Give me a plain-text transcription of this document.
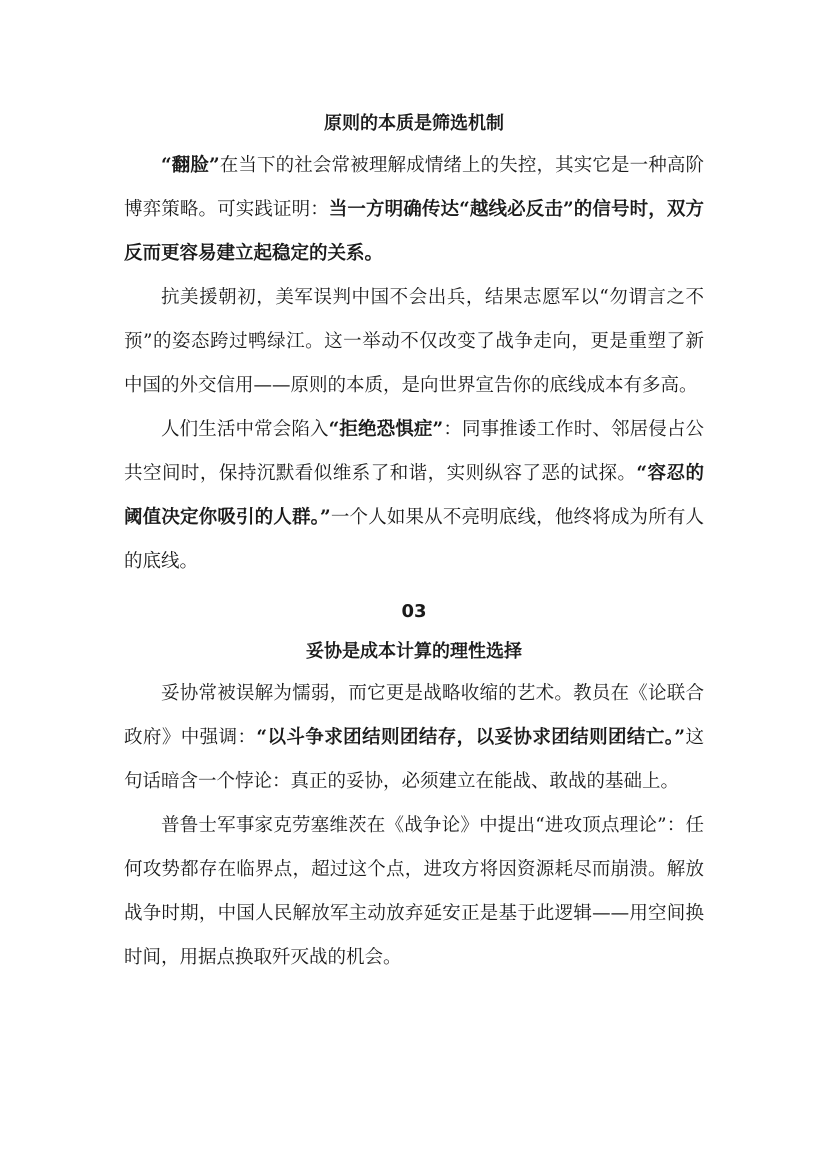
原则的本质是筛选机制

“翻脸”在当下的社会常被理解成情绪上的失控，其实它是一种高阶博弈策略。可实践证明：当一方明确传达“越线必反击”的信号时，双方反而更容易建立起稳定的关系。

抗美援朝初，美军误判中国不会出兵，结果志愿军以“勿谓言之不预”的姿态跨过鸭绿江。这一举动不仅改变了战争走向，更是重塑了新中国的外交信用——原则的本质，是向世界宣告你的底线成本有多高。

人们生活中常会陷入“拒绝恐惧症”：同事推诿工作时、邻居侵占公共空间时，保持沉默看似维系了和谐，实则纵容了恶的试探。“容忍的阈值决定你吸引的人群。”一个人如果从不亮明底线，他终将成为所有人的底线。

03
妥协是成本计算的理性选择

妥协常被误解为懦弱，而它更是战略收缩的艺术。教员在《论联合政府》中强调：“以斗争求团结则团结存，以妥协求团结则团结亡。”这句话暗含一个悖论：真正的妥协，必须建立在能战、敢战的基础上。

普鲁士军事家克劳塞维茨在《战争论》中提出“进攻顶点理论”：任何攻势都存在临界点，超过这个点，进攻方将因资源耗尽而崩溃。解放战争时期，中国人民解放军主动放弃延安正是基于此逻辑——用空间换时间，用据点换取歼灭战的机会。
